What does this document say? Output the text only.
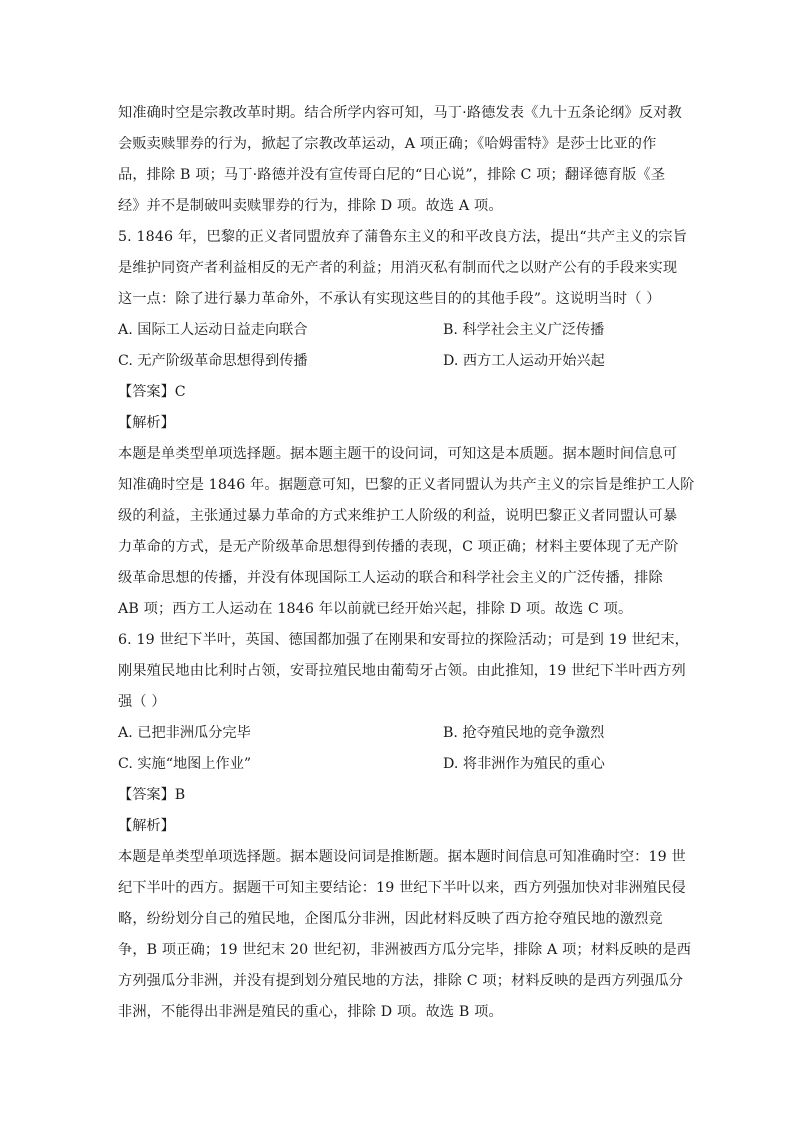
知准确时空是宗教改革时期。结合所学内容可知，马丁·路德发表《九十五条论纲》反对教
会贩卖赎罪券的行为，掀起了宗教改革运动，A 项正确；《哈姆雷特》是莎士比亚的作
品，排除 B 项；马丁·路德并没有宣传哥白尼的“日心说”，排除 C 项；翻译德育版《圣
经》并不是制破叫卖赎罪券的行为，排除 D 项。故选 A 项。
5. 1846 年，巴黎的正义者同盟放弃了蒲鲁东主义的和平改良方法，提出“共产主义的宗旨
是维护同资产者利益相反的无产者的利益；用消灭私有制而代之以财产公有的手段来实现
这一点：除了进行暴力革命外，不承认有实现这些目的的其他手段”。这说明当时（ ）
A. 国际工人运动日益走向联合	B. 科学社会主义广泛传播
C. 无产阶级革命思想得到传播	D. 西方工人运动开始兴起
【答案】C
【解析】
本题是单类型单项选择题。据本题主题干的设问词，可知这是本质题。据本题时间信息可
知准确时空是 1846 年。据题意可知，巴黎的正义者同盟认为共产主义的宗旨是维护工人阶
级的利益，主张通过暴力革命的方式来维护工人阶级的利益，说明巴黎正义者同盟认可暴
力革命的方式，是无产阶级革命思想得到传播的表现，C 项正确；材料主要体现了无产阶
级革命思想的传播，并没有体现国际工人运动的联合和科学社会主义的广泛传播，排除
AB 项；西方工人运动在 1846 年以前就已经开始兴起，排除 D 项。故选 C 项。
6. 19 世纪下半叶，英国、德国都加强了在刚果和安哥拉的探险活动；可是到 19 世纪末，
刚果殖民地由比利时占领，安哥拉殖民地由葡萄牙占领。由此推知，19 世纪下半叶西方列
强（ ）
A. 已把非洲瓜分完毕	B. 抢夺殖民地的竞争激烈
C. 实施“地图上作业”	D. 将非洲作为殖民的重心
【答案】B
【解析】
本题是单类型单项选择题。据本题设问词是推断题。据本题时间信息可知准确时空：19 世
纪下半叶的西方。据题干可知主要结论：19 世纪下半叶以来，西方列强加快对非洲殖民侵
略，纷纷划分自己的殖民地，企图瓜分非洲，因此材料反映了西方抢夺殖民地的激烈竞
争，B 项正确；19 世纪末 20 世纪初，非洲被西方瓜分完毕，排除 A 项；材料反映的是西
方列强瓜分非洲，并没有提到划分殖民地的方法，排除 C 项；材料反映的是西方列强瓜分
非洲，不能得出非洲是殖民的重心，排除 D 项。故选 B 项。
